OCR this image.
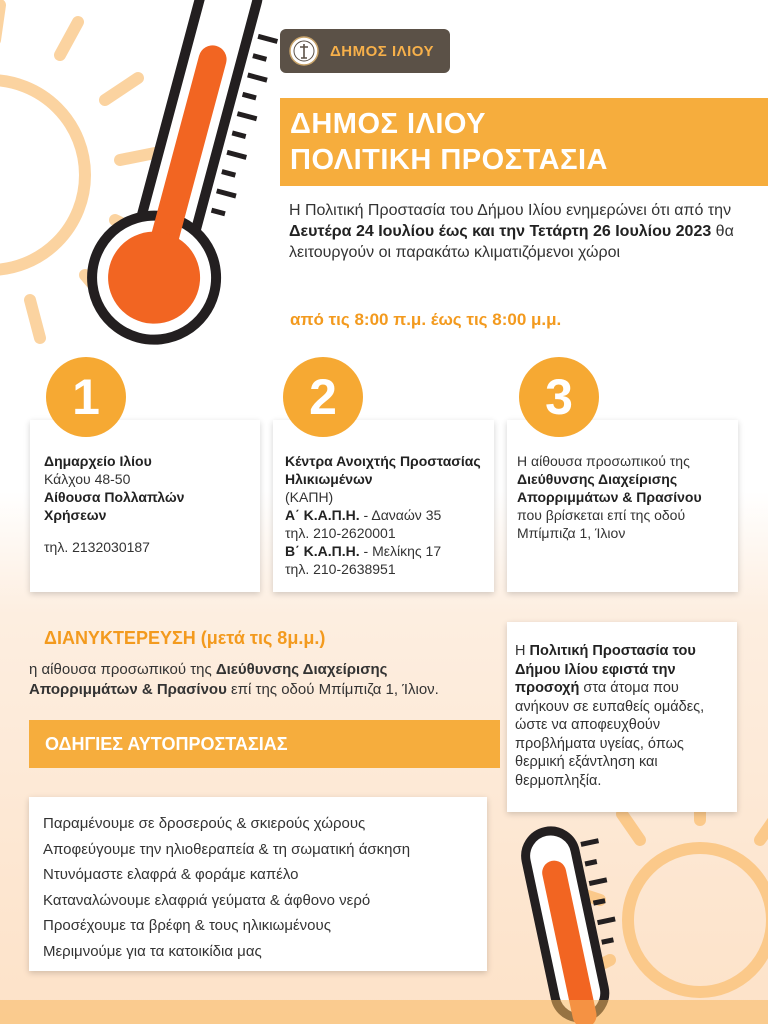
ΔΗΜΟΣ ΙΛΙΟΥ
ΔΗΜΟΣ ΙΛΙΟΥ
ΠΟΛΙΤΙΚΗ ΠΡΟΣΤΑΣΙΑ
Η Πολιτική Προστασία του Δήμου Ιλίου ενημερώνει ότι από την Δευτέρα 24 Ιουλίου έως και την Τετάρτη 26 Ιουλίου 2023 θα λειτουργούν οι παρακάτω κλιματιζόμενοι χώροι
από τις 8:00 π.μ. έως τις 8:00 μ.μ.
1	2	3
Δημαρχείο Ιλίου
Κάλχου 48-50
Αίθουσα Πολλαπλών Χρήσεων

τηλ. 2132030187
Κέντρα Ανοιχτής Προστασίας Ηλικιωμένων
(ΚΑΠΗ)
Α΄ Κ.Α.Π.Η. - Δαναών 35
τηλ. 210-2620001
Β΄ Κ.Α.Π.Η. - Μελίκης 17
τηλ. 210-2638951
Η αίθουσα προσωπικού της Διεύθυνσης Διαχείρισης Απορριμμάτων & Πρασίνου που βρίσκεται επί της οδού Μπίμπιζα 1, Ίλιον
ΔΙΑΝΥΚΤΕΡΕΥΣΗ (μετά τις 8μ.μ.)
η αίθουσα προσωπικού της Διεύθυνσης Διαχείρισης Απορριμμάτων & Πρασίνου επί της οδού Μπίμπιζα 1, Ίλιον.
Η Πολιτική Προστασία του Δήμου Ιλίου εφιστά την προσοχή στα άτομα που ανήκουν σε ευπαθείς ομάδες, ώστε να αποφευχθούν προβλήματα υγείας, όπως θερμική εξάντληση και θερμοπληξία.
ΟΔΗΓΙΕΣ ΑΥΤΟΠΡΟΣΤΑΣΙΑΣ
Παραμένουμε σε δροσερούς & σκιερούς χώρους
Αποφεύγουμε την ηλιοθεραπεία & τη σωματική άσκηση
Ντυνόμαστε ελαφρά & φοράμε καπέλο
Καταναλώνουμε ελαφριά γεύματα & άφθονο νερό
Προσέχουμε τα βρέφη & τους ηλικιωμένους
Μεριμνούμε για τα κατοικίδια μας
